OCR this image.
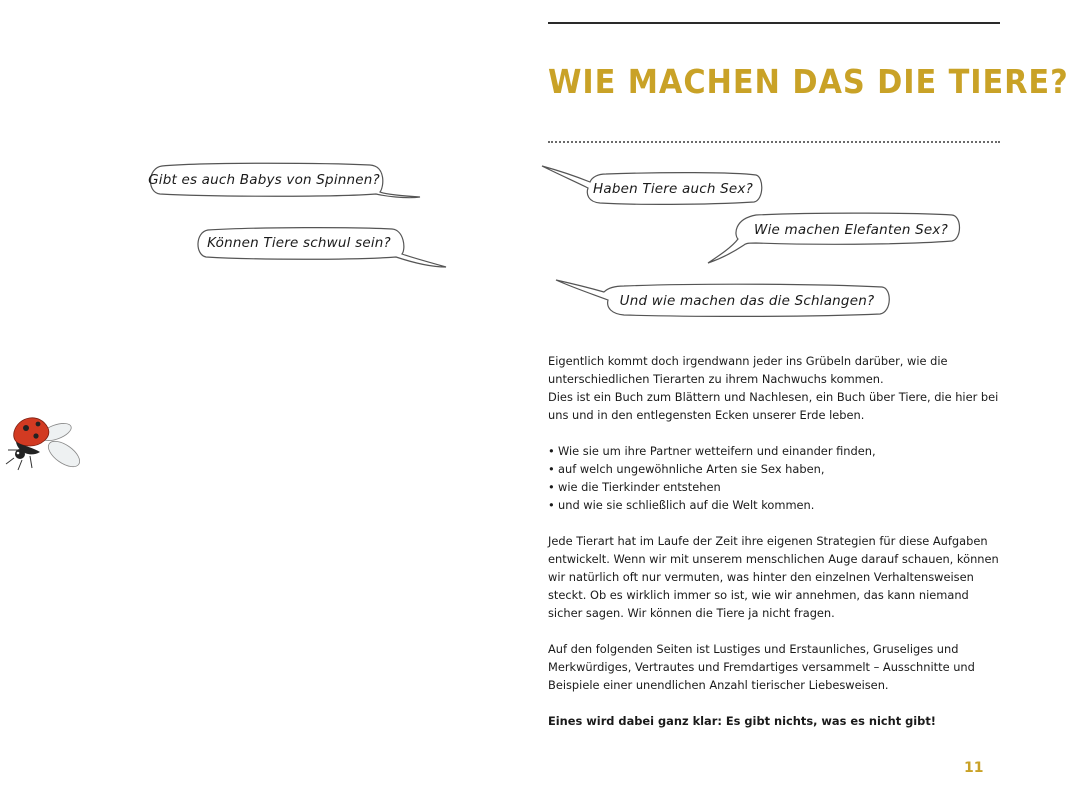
Gibt es auch Babys von Spinnen?
Können Tiere schwul sein?
WIE MACHEN DAS DIE TIERE?
Haben Tiere auch Sex?
Wie machen Elefanten Sex?
Und wie machen das die Schlangen?

Eigentlich kommt doch irgendwann jeder ins Grübeln darüber, wie die unterschiedlichen Tierarten zu ihrem Nachwuchs kommen.

Dies ist ein Buch zum Blättern und Nachlesen, ein Buch über Tiere, die hier bei uns und in den entlegensten Ecken unserer Erde leben.

• Wie sie um ihre Partner wetteifern und einander finden,
• auf welch ungewöhnliche Arten sie Sex haben,
• wie die Tierkinder entstehen
• und wie sie schließlich auf die Welt kommen.

Jede Tierart hat im Laufe der Zeit ihre eigenen Strategien für diese Aufgaben entwickelt. Wenn wir mit unserem menschlichen Auge darauf schauen, können wir natürlich oft nur vermuten, was hinter den einzelnen Verhaltensweisen steckt. Ob es wirklich immer so ist, wie wir annehmen, das kann niemand sicher sagen. Wir können die Tiere ja nicht fragen.

Auf den folgenden Seiten ist Lustiges und Erstaunliches, Gruseliges und Merkwürdiges, Vertrautes und Fremdartiges versammelt – Ausschnitte und Beispiele einer unendlichen Anzahl tierischer Liebesweisen.

Eines wird dabei ganz klar: Es gibt nichts, was es nicht gibt!

11
